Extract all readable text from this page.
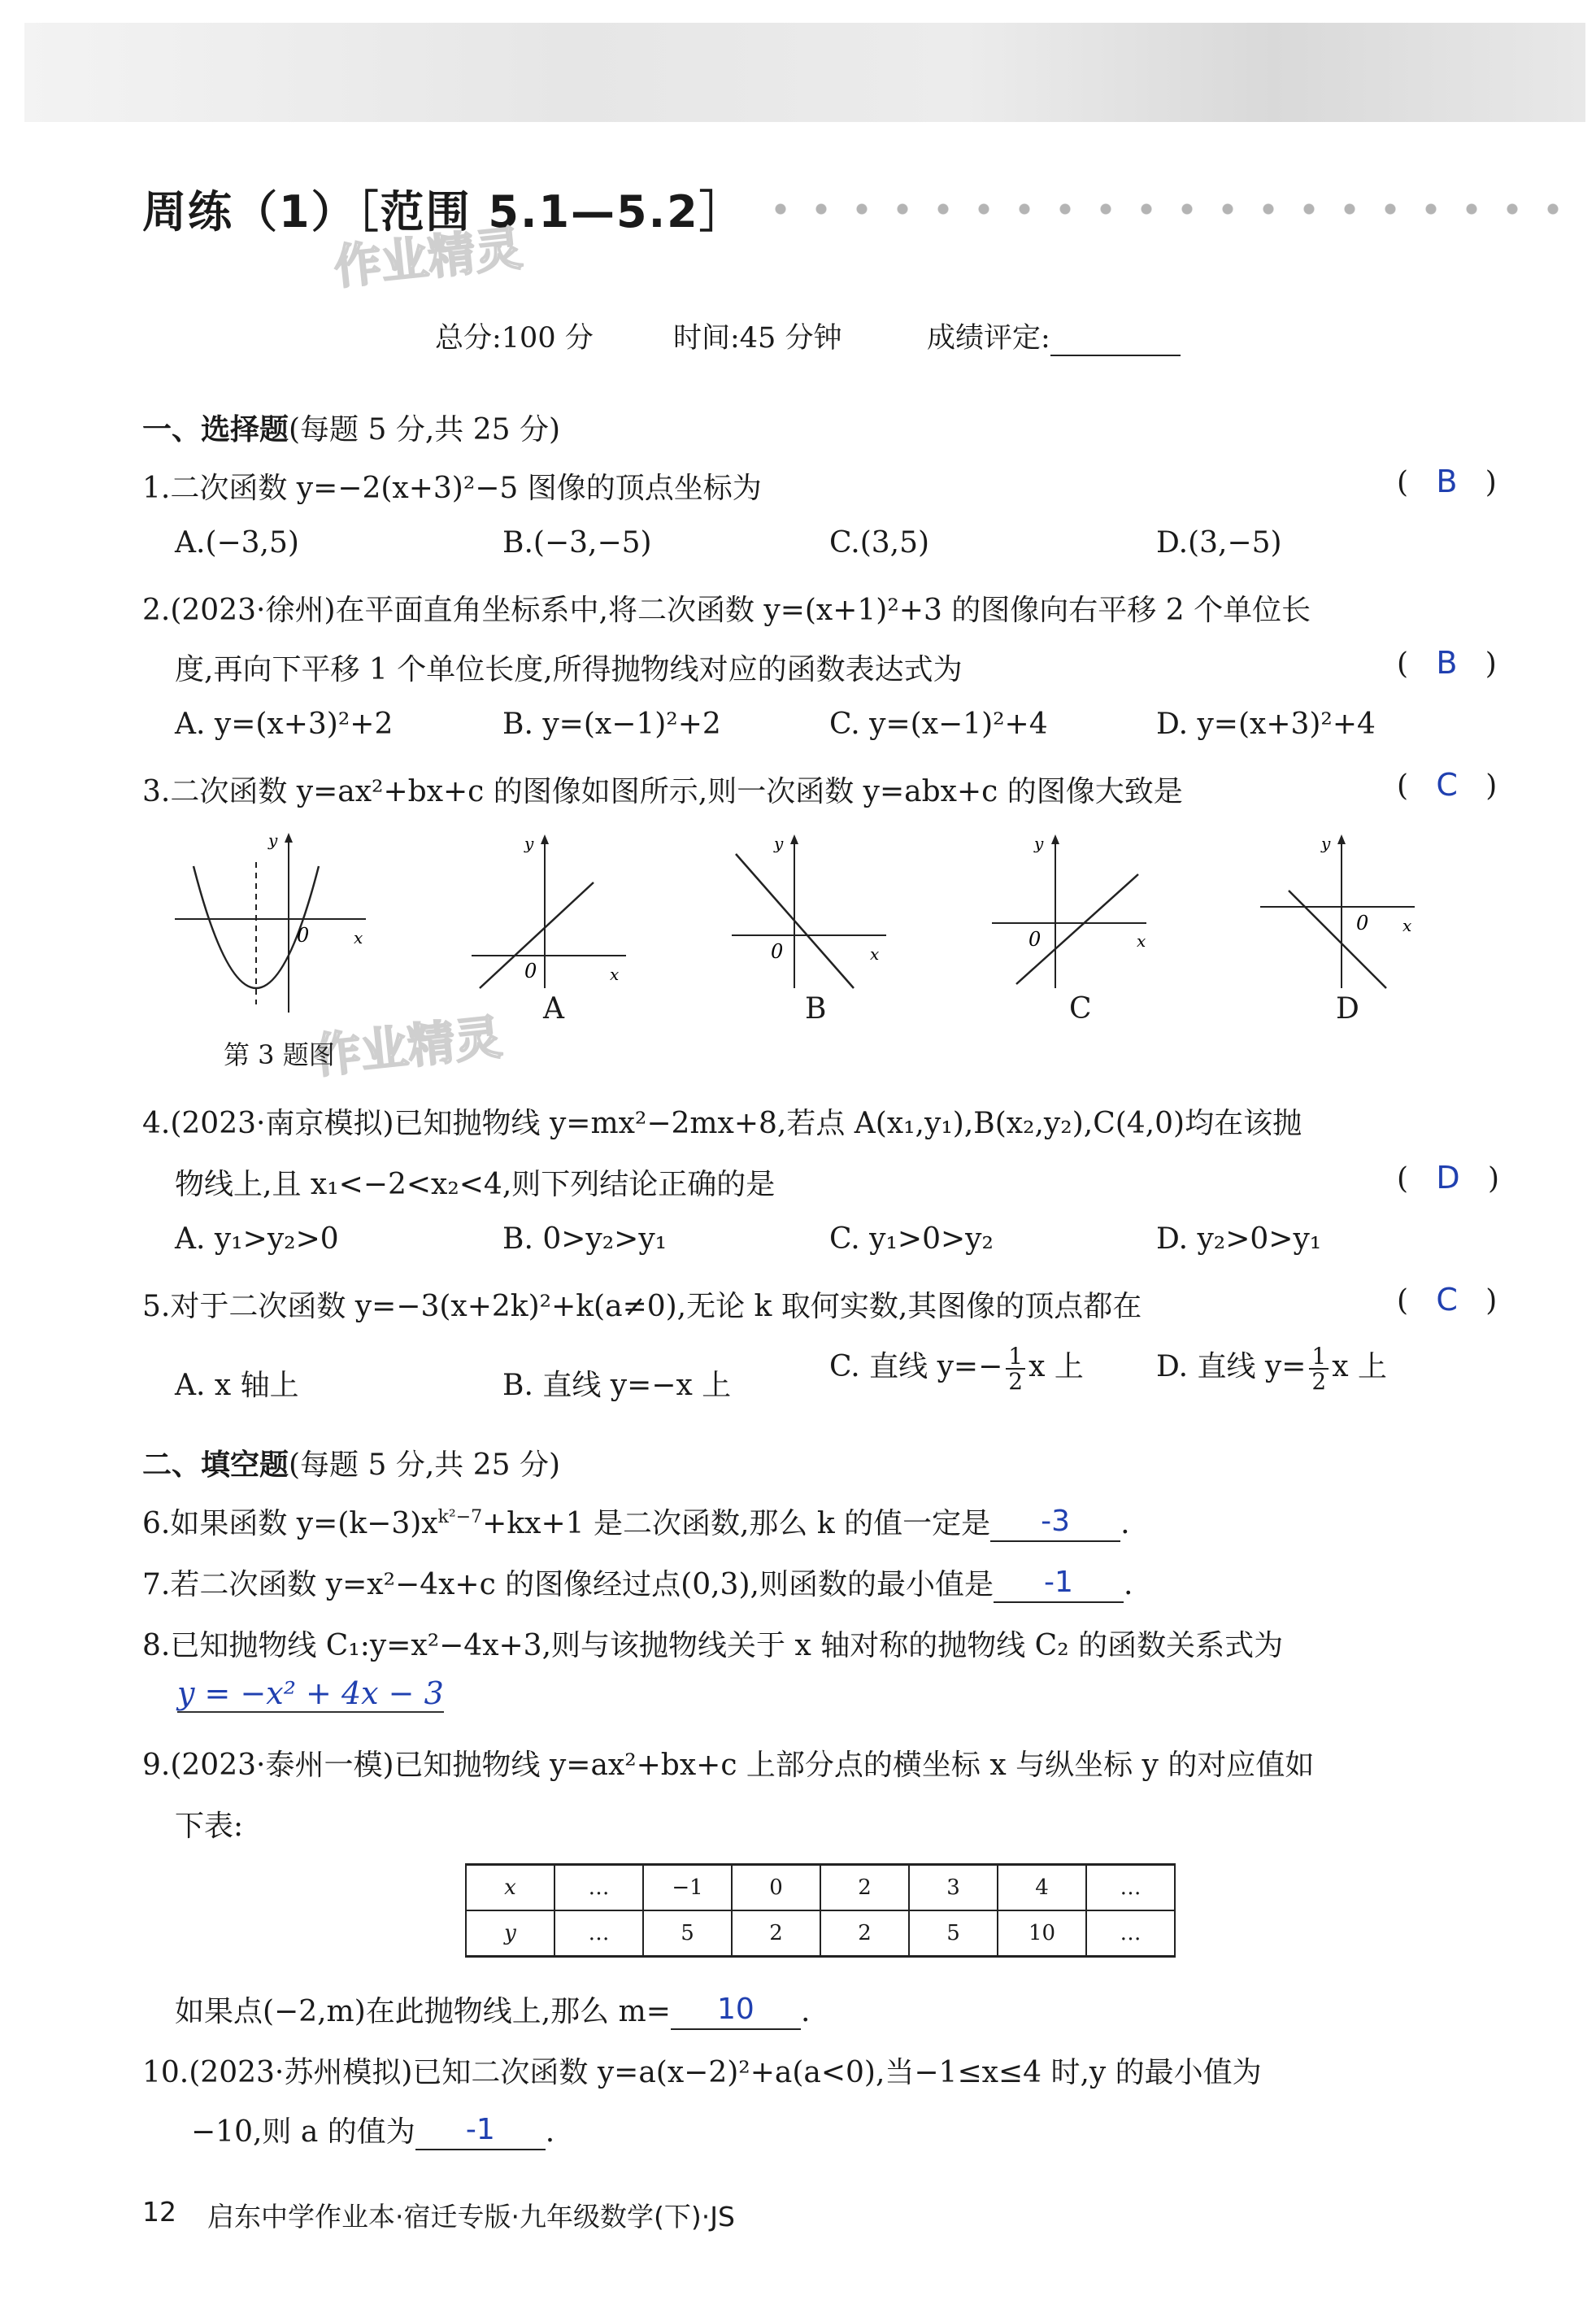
周练（1）［范围 5.1—5.2］
作业精灵
作业精灵
总分:100 分	时间:45 分钟	成绩评定:
一、选择题(每题 5 分,共 25 分)
1.二次函数 y=−2(x+3)²−5 图像的顶点坐标为	(   B   )
A.(−3,5)	B.(−3,−5)	C.(3,5)	D.(3,−5)
2.(2023·徐州)在平面直角坐标系中,将二次函数 y=(x+1)²+3 的图像向右平移 2 个单位长
度,再向下平移 1 个单位长度,所得抛物线对应的函数表达式为	(   B   )
A. y=(x+3)²+2	B. y=(x−1)²+2	C. y=(x−1)²+4	D. y=(x+3)²+4
3.二次函数 y=ax²+bx+c 的图像如图所示,则一次函数 y=abx+c 的图像大致是	(   C   )
0	x
y
0	x
y
0	x
y
0	x
y
0 x
y
第 3 题图
A	B	C	D
4.(2023·南京模拟)已知抛物线 y=mx²−2mx+8,若点 A(x₁,y₁),B(x₂,y₂),C(4,0)均在该抛
物线上,且 x₁<−2<x₂<4,则下列结论正确的是	(   D   )
A. y₁>y₂>0	B. 0>y₂>y₁	C. y₁>0>y₂	D. y₂>0>y₁
5.对于二次函数 y=−3(x+2k)²+k(a≠0),无论 k 取何实数,其图像的顶点都在	(   C   )
A. x 轴上	B. 直线 y=−x 上
C. 直线 $y=- \frac{1}{2}$ x 上 D. 直线 $y= \frac{1}{2}$ x 上
二、填空题(每题 5 分,共 25 分)
6.如果函数 $y=(k-3)x^{k^2-7}+kx+1$ 是二次函数,那么 k 的值一定是 -3 .
7.若二次函数 y=x²−4x+c 的图像经过点(0,3),则函数的最小值是 -1 .
8.已知抛物线 C₁:y=x²−4x+3,则与该抛物线关于 x 轴对称的抛物线 C₂ 的函数关系式为
y = −x² + 4x − 3
9.(2023·泰州一模)已知抛物线 y=ax²+bx+c 上部分点的横坐标 x 与纵坐标 y 的对应值如
下表:
x	…	−1	0	2	3	4	…
y	…	5	2	2	5	10	…
如果点(−2,m)在此抛物线上,那么 m= 10 .
10.(2023·苏州模拟)已知二次函数 y=a(x−2)²+a(a<0),当−1≤x≤4 时,y 的最小值为
−10,则 a 的值为 -1 .
12 启东中学作业本·宿迁专版·九年级数学(下)·JS
